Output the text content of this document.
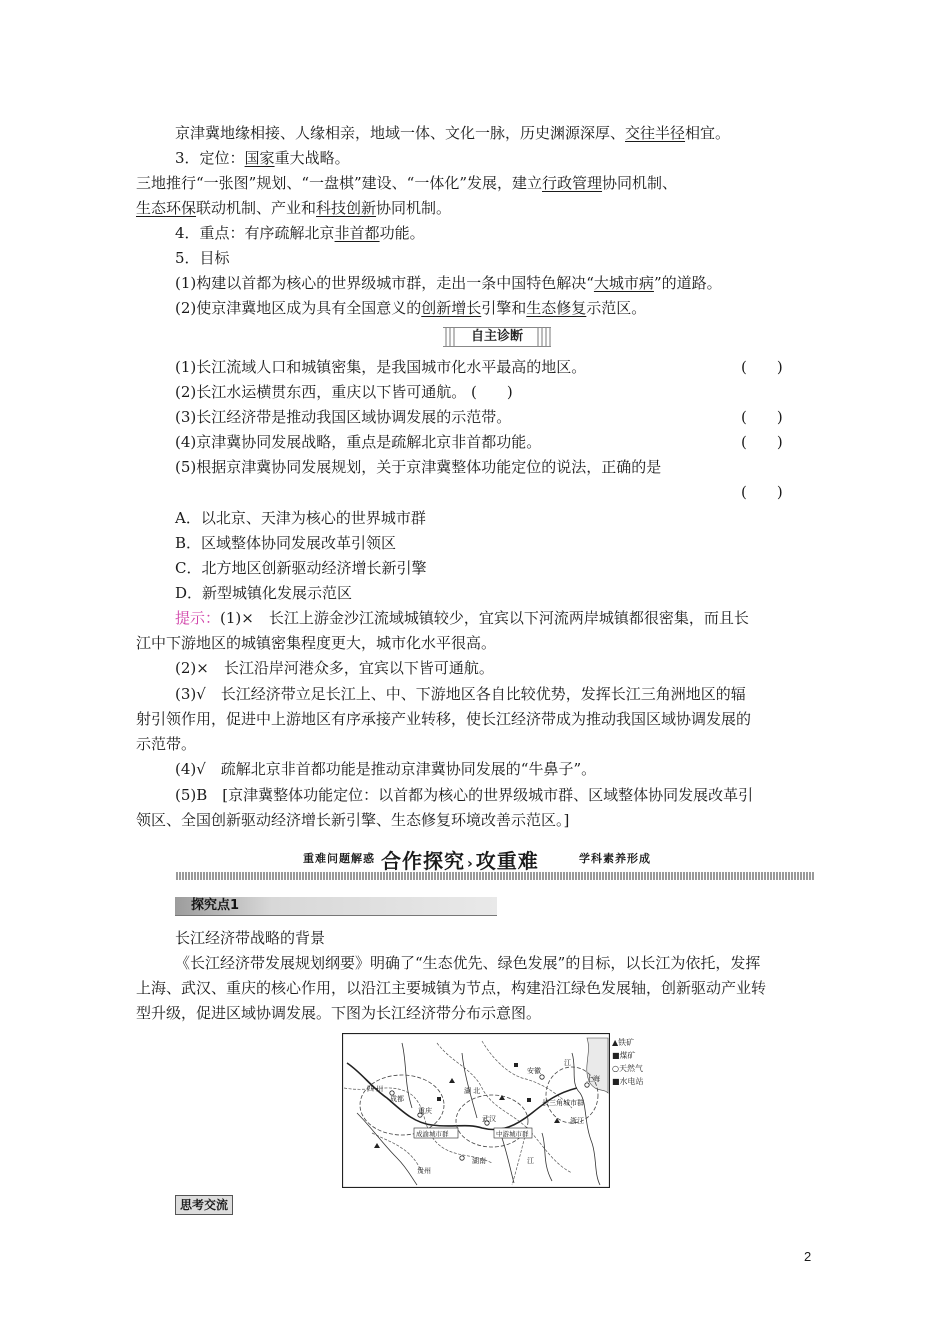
京津冀地缘相接、人缘相亲，地域一体、文化一脉，历史渊源深厚、交往半径相宜。
3．定位：国家重大战略。
三地推行“一张图”规划、“一盘棋”建设、“一体化”发展，建立行政管理协同机制、
生态环保联动机制、产业和科技创新协同机制。
4．重点：有序疏解北京非首都功能。
5．目标
(1)构建以首都为核心的世界级城市群，走出一条中国特色解决“大城市病”的道路。
(2)使京津冀地区成为具有全国意义的创新增长引擎和生态修复示范区。
自主诊断
(1)长江流域人口和城镇密集，是我国城市化水平最高的地区。	(　　)
(2)长江水运横贯东西，重庆以下皆可通航。 (　　)
(3)长江经济带是推动我国区域协调发展的示范带。	(　　)
(4)京津冀协同发展战略，重点是疏解北京非首都功能。	(　　)
(5)根据京津冀协同发展规划，关于京津冀整体功能定位的说法，正确的是
(　　)
A．以北京、天津为核心的世界城市群
B．区域整体协同发展改革引领区
C．北方地区创新驱动经济增长新引擎
D．新型城镇化发展示范区
提示：(1)×　长江上游金沙江流域城镇较少，宜宾以下河流两岸城镇都很密集，而且长
江中下游地区的城镇密集程度更大，城市化水平很高。
(2)×　长江沿岸河港众多，宜宾以下皆可通航。
(3)√　长江经济带立足长江上、中、下游地区各自比较优势，发挥长江三角洲地区的辐
射引领作用，促进中上游地区有序承接产业转移，使长江经济带成为推动我国区域协调发展的
示范带。
(4)√　疏解北京非首都功能是推动京津冀协同发展的“牛鼻子”。
(5)B　[京津冀整体功能定位：以首都为核心的世界级城市群、区域整体协同发展改革引
领区、全国创新驱动经济增长新引擎、生态修复环境改善示范区。]
重难问题解惑 合作探究 › 攻重难	学科素养形成
探究点1
长江经济带战略的背景
《长江经济带发展规划纲要》明确了“生态优先、绿色发展”的目标，以长江为依托，发挥
上海、武汉、重庆的核心作用，以沿江主要城镇为节点，构建沿江绿色发展轴，创新驱动产业转
型升级，促进区域协调发展。下图为长江经济带分布示意图。
四 川
成都
重庆
湖 北
武汉
安徽
江
上海
浙江
贵州
湖南	江
长三角城市群
成渝城市群	中游城市群
▲铁矿
■煤矿
○天然气
■水电站
思考交流
2
